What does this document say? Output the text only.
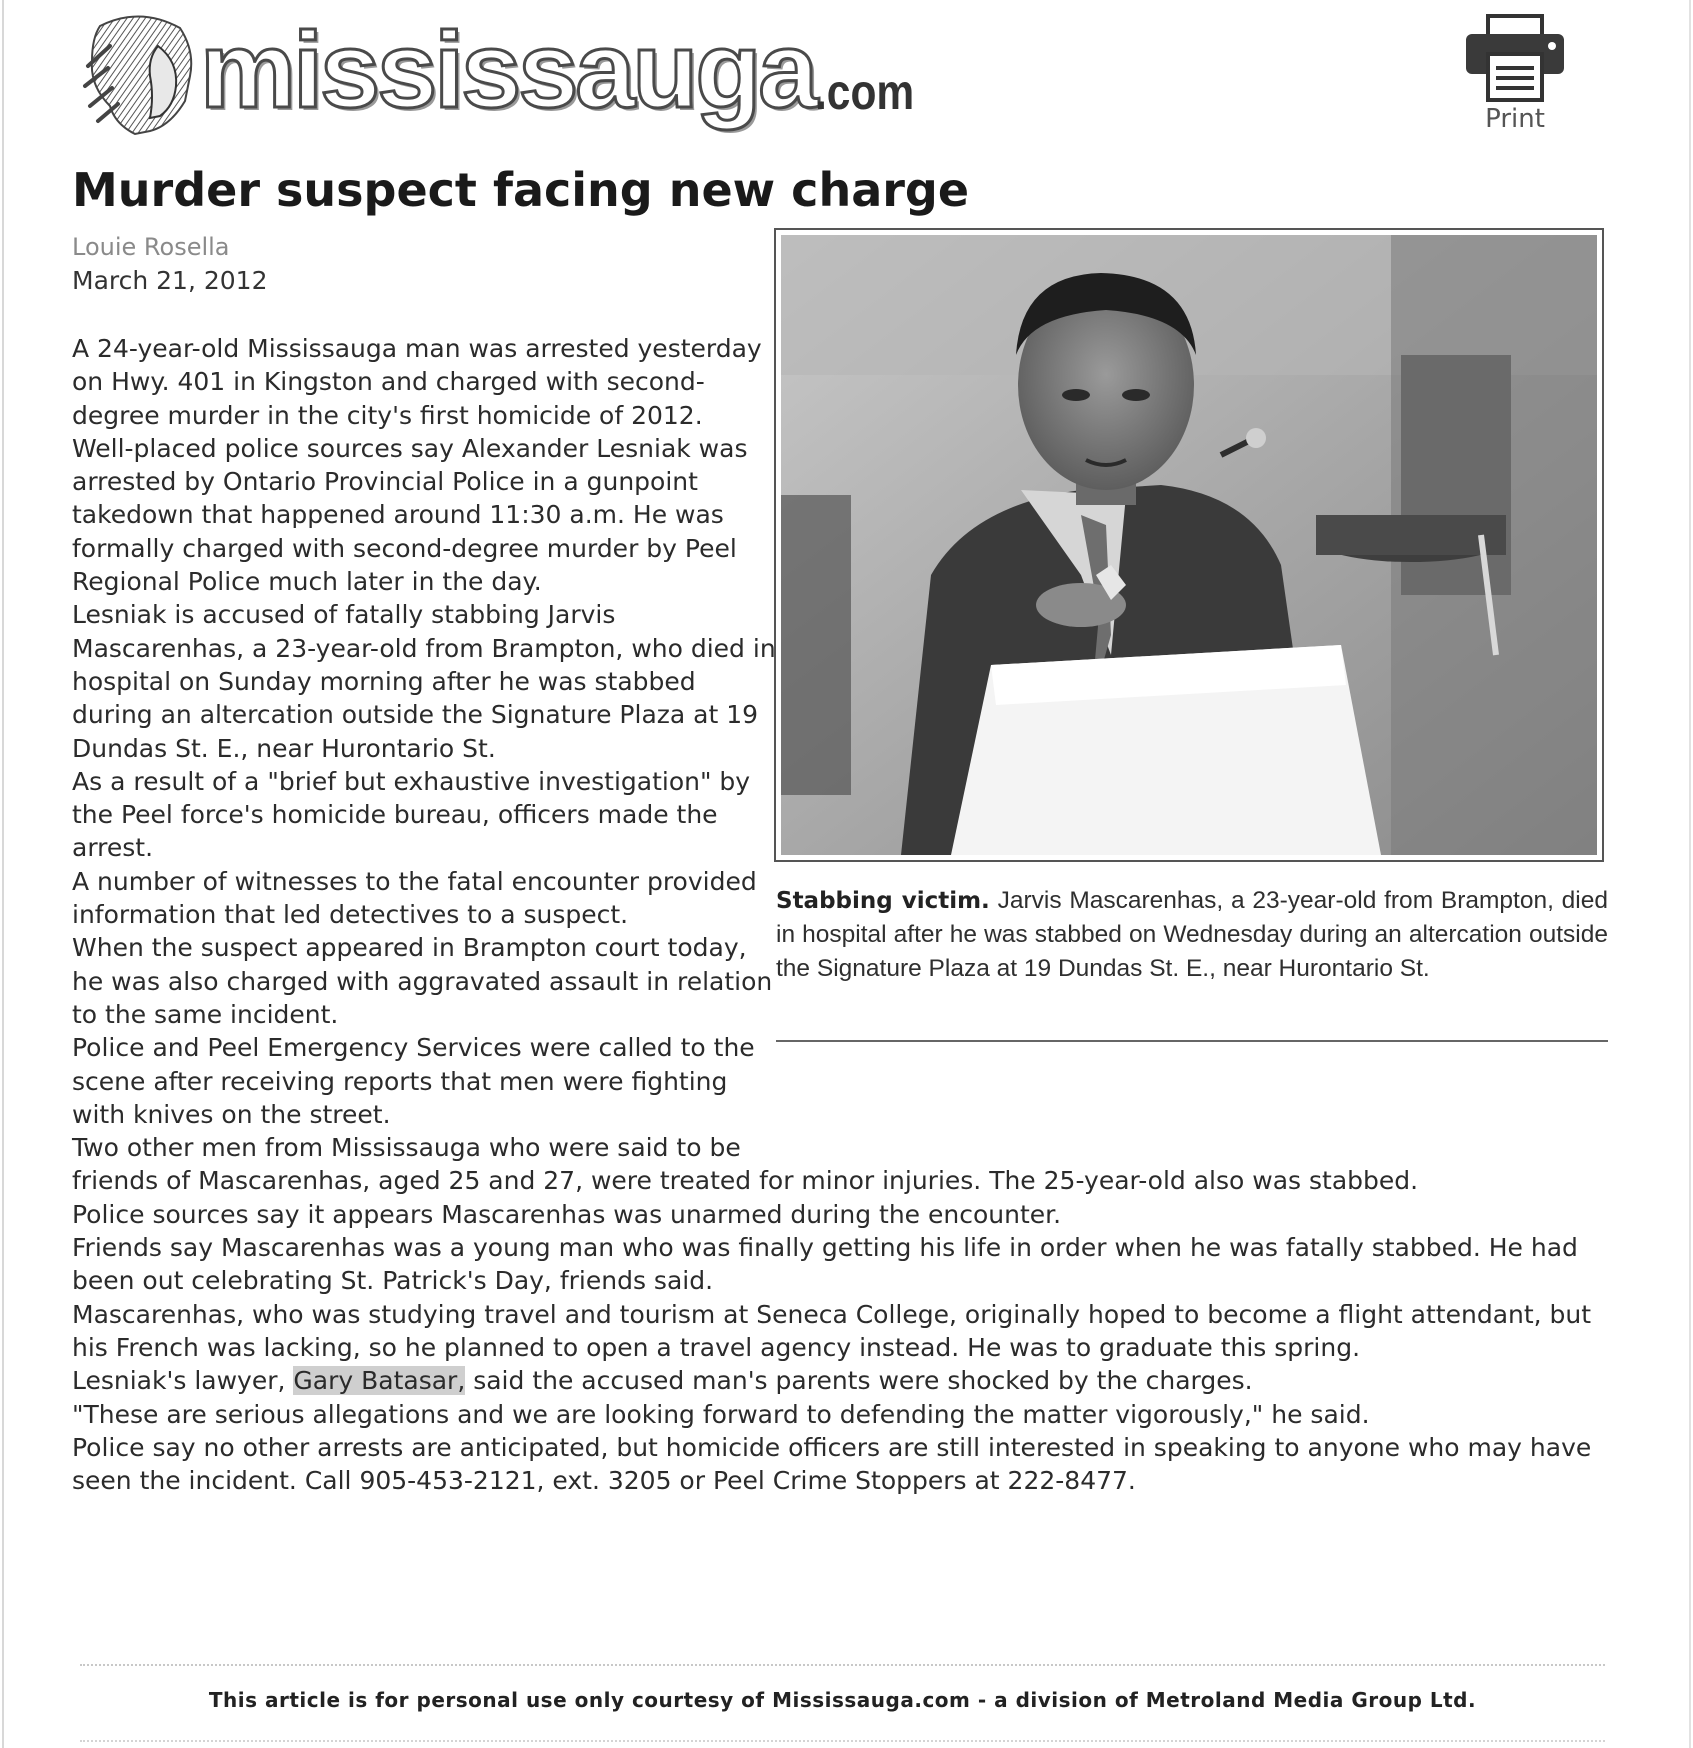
mississauga .com	Print
Murder suspect facing new charge
Louie Rosella
March 21, 2012

Stabbing victim. Jarvis Mascarenhas, a 23-year-old from Brampton, died in hospital after he was stabbed on Wednesday during an altercation outside the Signature Plaza at 19 Dundas St. E., near Hurontario St.

A 24-year-old Mississauga man was arrested yesterday on Hwy. 401 in Kingston and charged with second-degree murder in the city's first homicide of 2012.

Well-placed police sources say Alexander Lesniak was arrested by Ontario Provincial Police in a gunpoint takedown that happened around 11:30 a.m. He was formally charged with second-degree murder by Peel Regional Police much later in the day.

Lesniak is accused of fatally stabbing Jarvis Mascarenhas, a 23-year-old from Brampton, who died in hospital on Sunday morning after he was stabbed during an altercation outside the Signature Plaza at 19 Dundas St. E., near Hurontario St.

As a result of a "brief but exhaustive investigation" by the Peel force's homicide bureau, officers made the arrest.

A number of witnesses to the fatal encounter provided information that led detectives to a suspect.

When the suspect appeared in Brampton court today, he was also charged with aggravated assault in relation to the same incident.

Police and Peel Emergency Services were called to the scene after receiving reports that men were fighting with knives on the street.

Two other men from Mississauga who were said to be friends of Mascarenhas, aged 25 and 27, were treated for minor injuries. The 25-year-old also was stabbed.

Police sources say it appears Mascarenhas was unarmed during the encounter.

Friends say Mascarenhas was a young man who was finally getting his life in order when he was fatally stabbed. He had been out celebrating St. Patrick's Day, friends said.

Mascarenhas, who was studying travel and tourism at Seneca College, originally hoped to become a flight attendant, but his French was lacking, so he planned to open a travel agency instead. He was to graduate this spring.

Lesniak's lawyer, Gary Batasar, said the accused man's parents were shocked by the charges.

"These are serious allegations and we are looking forward to defending the matter vigorously," he said.

Police say no other arrests are anticipated, but homicide officers are still interested in speaking to anyone who may have seen the incident. Call 905-453-2121, ext. 3205 or Peel Crime Stoppers at 222-8477.

This article is for personal use only courtesy of Mississauga.com - a division of Metroland Media Group Ltd.
